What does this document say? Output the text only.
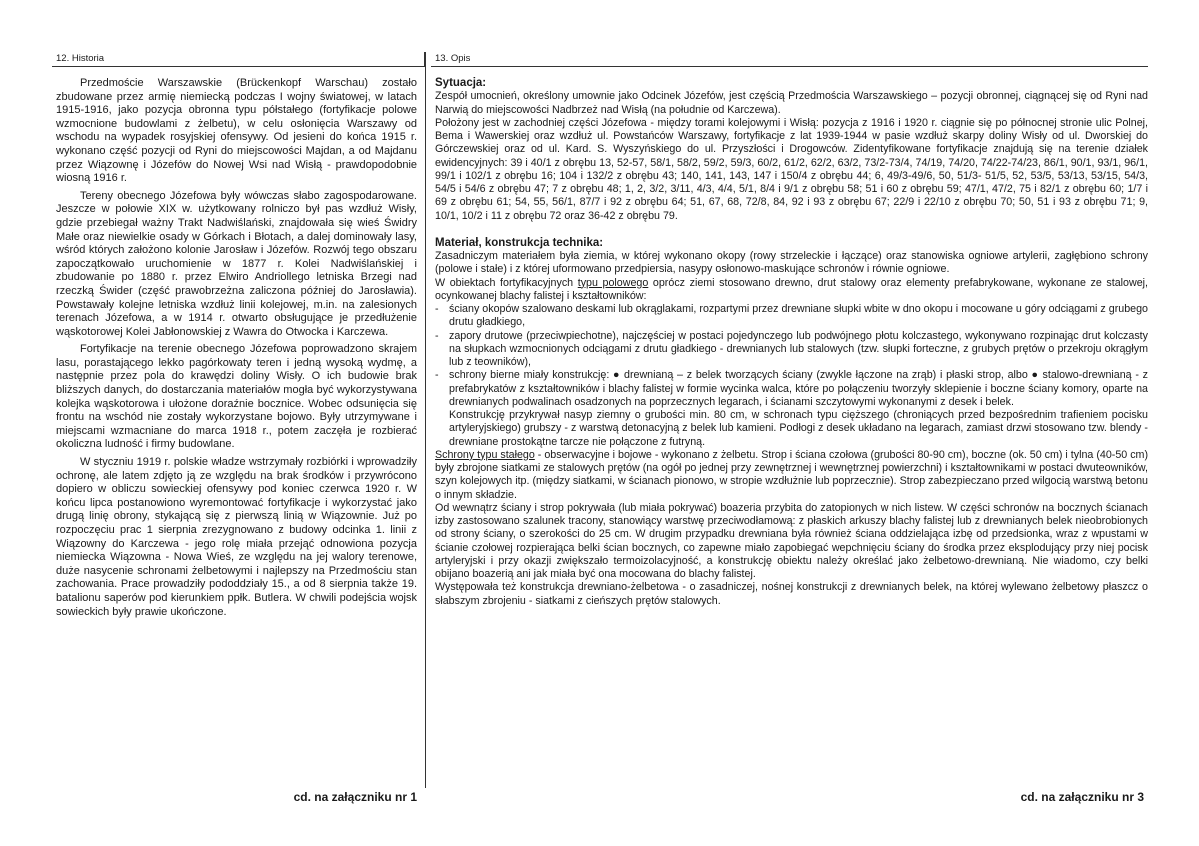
12. Historia

Przedmoście Warszawskie (Brückenkopf Warschau) zostało zbudowane przez armię niemiecką podczas I wojny światowej, w latach 1915-1916, jako pozycja obronna typu półstałego (fortyfikacje polowe wzmocnione budowlami z żelbetu), w celu osłonięcia Warszawy od wschodu na wypadek rosyjskiej ofensywy. Od jesieni do końca 1915 r. wykonano część pozycji od Ryni do miejscowości Majdan, a od Majdanu przez Wiązownę i Józefów do Nowej Wsi nad Wisłą - prawdopodobnie wiosną 1916 r.

Tereny obecnego Józefowa były wówczas słabo zagospodarowane. Jeszcze w połowie XIX w. użytkowany rolniczo był pas wzdłuż Wisły, gdzie przebiegał ważny Trakt Nadwiślański, znajdowała się wieś Świdry Małe oraz niewielkie osady w Górkach i Błotach, a dalej dominowały lasy, wśród których założono kolonie Jarosław i Józefów. Rozwój tego obszaru zapoczątkowało uruchomienie w 1877 r. Kolei Nadwiślańskiej i zbudowanie po 1880 r. przez Elwiro Andriollego letniska Brzegi nad rzeczką Świder (część prawobrzeżna zaliczona później do Jarosławia). Powstawały kolejne letniska wzdłuż linii kolejowej, m.in. na zalesionych terenach Józefowa, a w 1914 r. otwarto obsługujące je przedłużenie wąskotorowej Kolei Jabłonowskiej z Wawra do Otwocka i Karczewa.

Fortyfikacje na terenie obecnego Józefowa poprowadzono skrajem lasu, porastającego lekko pagórkowaty teren i jedną wysoką wydmę, a następnie przez pola do krawędzi doliny Wisły. O ich budowie brak bliższych danych, do dostarczania materiałów mogła być wykorzystywana kolejka wąskotorowa i ułożone doraźnie bocznice. Wobec odsunięcia się frontu na wschód nie zostały wykorzystane bojowo. Były utrzymywane i miejscami wzmacniane do marca 1918 r., potem zaczęła je rozbierać okoliczna ludność i firmy budowlane.

W styczniu 1919 r. polskie władze wstrzymały rozbiórki i wprowadziły ochronę, ale latem zdjęto ją ze względu na brak środków i przywrócono dopiero w obliczu sowieckiej ofensywy pod koniec czerwca 1920 r. W końcu lipca postanowiono wyremontować fortyfikacje i wykorzystać jako drugą linię obrony, stykającą się z pierwszą linią w Wiązownie. Już po rozpoczęciu prac 1 sierpnia zrezygnowano z budowy odcinka 1. linii z Wiązowny do Karczewa - jego rolę miała przejąć odnowiona pozycja niemiecka Wiązowna - Nowa Wieś, ze względu na jej walory terenowe, duże nasycenie schronami żelbetowymi i najlepszy na Przedmościu stan zachowania. Prace prowadziły pododdziały 15., a od 8 sierpnia także 19. batalionu saperów pod kierunkiem ppłk. Butlera. W chwili podejścia wojsk sowieckich były prawie ukończone.

cd. na załączniku nr 1
13. Opis

Sytuacja:

Zespół umocnień, określony umownie jako Odcinek Józefów, jest częścią Przedmościa Warszawskiego – pozycji obronnej, ciągnącej się od Ryni nad Narwią do miejscowości Nadbrzeż nad Wisłą (na południe od Karczewa).

Położony jest w zachodniej części Józefowa - między torami kolejowymi i Wisłą: pozycja z 1916 i 1920 r. ciągnie się po północnej stronie ulic Polnej, Bema i Wawerskiej oraz wzdłuż ul. Powstańców Warszawy, fortyfikacje z lat 1939-1944 w pasie wzdłuż skarpy doliny Wisły od ul. Dworskiej do Górczewskiej oraz od ul. Kard. S. Wyszyńskiego do ul. Przyszłości i Drogowców. Zidentyfikowane fortyfikacje znajdują się na terenie działek ewidencyjnych: 39 i 40/1 z obrębu 13, 52-57, 58/1, 58/2, 59/2, 59/3, 60/2, 61/2, 62/2, 63/2, 73/2-73/4, 74/19, 74/20, 74/22-74/23, 86/1, 90/1, 93/1, 96/1, 99/1 i 102/1 z obrębu 16; 104 i 132/2 z obrębu 43; 140, 141, 143, 147 i 150/4 z obrębu 44; 6, 49/3-49/6, 50, 51/3- 51/5, 52, 53/5, 53/13, 53/15, 54/3, 54/5 i 54/6 z obrębu 47; 7 z obrębu 48; 1, 2, 3/2, 3/11, 4/3, 4/4, 5/1, 8/4 i 9/1 z obrębu 58; 51 i 60 z obrębu 59; 47/1, 47/2, 75 i 82/1 z obrębu 60; 1/7 i 69 z obrębu 61; 54, 55, 56/1, 87/7 i 92 z obrębu 64; 51, 67, 68, 72/8, 84, 92 i 93 z obrębu 67; 22/9 i 22/10 z obrębu 70; 50, 51 i 93 z obrębu 71; 9, 10/1, 10/2 i 11 z obrębu 72 oraz 36-42 z obrębu 79.

Materiał, konstrukcja technika:

Zasadniczym materiałem była ziemia, w której wykonano okopy (rowy strzeleckie i łączące) oraz stanowiska ogniowe artylerii, zagłębiono schrony (polowe i stałe) i z której uformowano przedpiersia, nasypy osłonowo-maskujące schronów i równie ogniowe.

W obiektach fortyfikacyjnych typu polowego oprócz ziemi stosowano drewno, drut stalowy oraz elementy prefabrykowane, wykonane ze stalowej, ocynkowanej blachy falistej i kształtowników:

- ściany okopów szalowano deskami lub okrąglakami, rozpartymi przez drewniane słupki wbite w dno okopu i mocowane u góry odciągami z grubego drutu gładkiego,
- zapory drutowe (przeciwpiechotne), najczęściej w postaci pojedynczego lub podwójnego płotu kolczastego, wykonywano rozpinając drut kolczasty na słupkach wzmocnionych odciągami z drutu gładkiego - drewnianych lub stalowych (tzw. słupki forteczne, z grubych prętów o przekroju okrągłym lub z teowników),
- schrony bierne miały konstrukcję: ● drewnianą – z belek tworzących ściany (zwykle łączone na zrąb) i płaski strop, albo ● stalowo-drewnianą - z prefabrykatów z kształtowników i blachy falistej w formie wycinka walca, które po połączeniu tworzyły sklepienie i boczne ściany komory, oparte na drewnianych podwalinach osadzonych na poprzecznych legarach, i ścianami szczytowymi wykonanymi z desek i belek.

Konstrukcję przykrywał nasyp ziemny o grubości min. 80 cm, w schronach typu cięższego (chroniących przed bezpośrednim trafieniem pocisku artyleryjskiego) grubszy - z warstwą detonacyjną z belek lub kamieni. Podłogi z desek układano na legarach, zamiast drzwi stosowano tzw. blendy - drewniane prostokątne tarcze nie połączone z futryną.

Schrony typu stałego - obserwacyjne i bojowe - wykonano z żelbetu. Strop i ściana czołowa (grubości 80-90 cm), boczne (ok. 50 cm) i tylna (40-50 cm) były zbrojone siatkami ze stalowych prętów (na ogół po jednej przy zewnętrznej i wewnętrznej powierzchni) i kształtownikami w postaci dwuteowników, szyn kolejowych itp. (między siatkami, w ścianach pionowo, w stropie wzdłużnie lub poprzecznie). Strop zabezpieczano przed wilgocią warstwą betonu o innym składzie.

Od wewnątrz ściany i strop pokrywała (lub miała pokrywać) boazeria przybita do zatopionych w nich listew. W części schronów na bocznych ścianach izby zastosowano szalunek tracony, stanowiący warstwę przeciwodłamową: z płaskich arkuszy blachy falistej lub z drewnianych belek nieobrobionych od strony ściany, o szerokości do 25 cm. W drugim przypadku drewniana była również ściana oddzielająca izbę od przedsionka, wraz z wpustami w ścianie czołowej rozpierająca belki ścian bocznych, co zapewne miało zapobiegać wepchnięciu ściany do środka przez eksplodujący przy niej pocisk artyleryjski i przy okazji zwiększało termoizolacyjność, a konstrukcję obiektu należy określać jako żelbetowo-drewnianą. Nie wiadomo, czy belki obijano boazerią ani jak miała być ona mocowana do blachy falistej.

Występowała też konstrukcja drewniano-żelbetowa - o zasadniczej, nośnej konstrukcji z drewnianych belek, na której wylewano żelbetowy płaszcz o słabszym zbrojeniu - siatkami z cieńszych prętów stalowych.

cd. na załączniku nr 3
